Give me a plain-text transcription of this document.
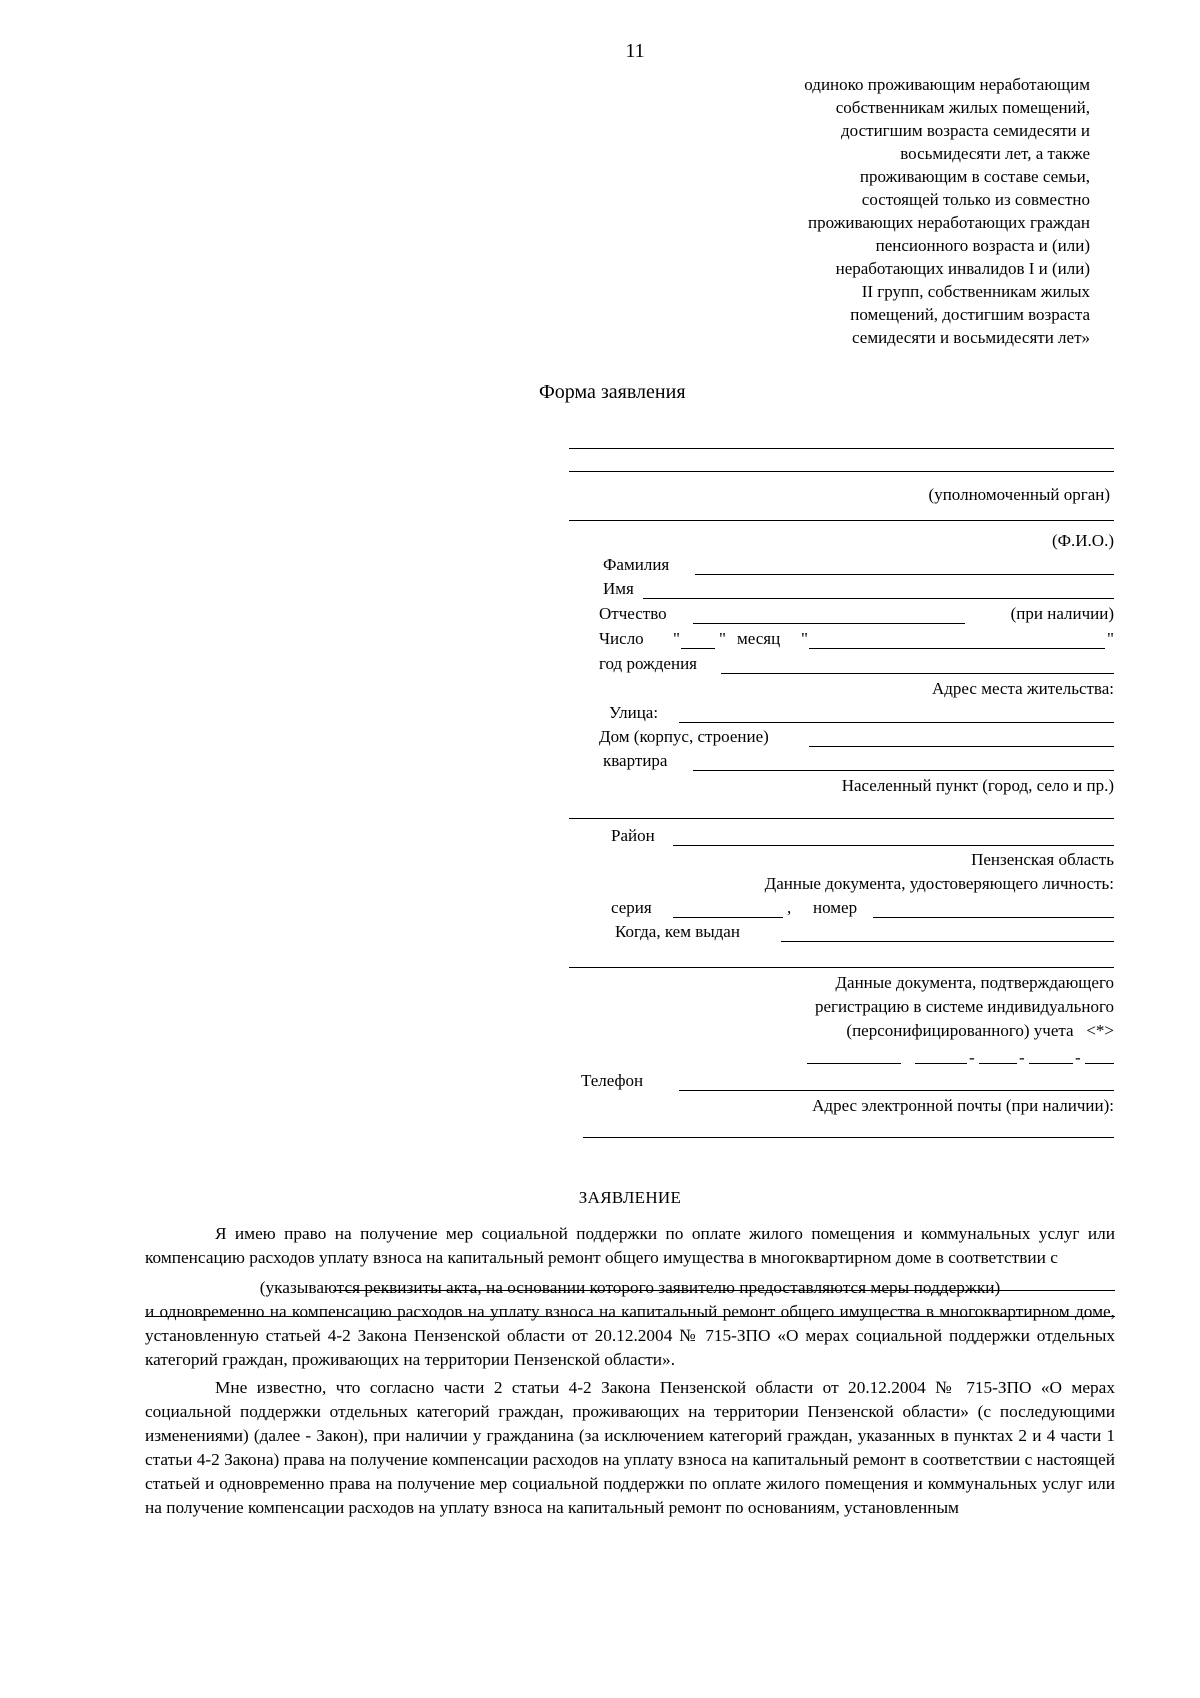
11
одиноко проживающим неработающим
собственникам жилых помещений,
достигшим возраста семидесяти и
восьмидесяти лет, а также
проживающим в составе семьи,
состоящей только из совместно
проживающих неработающих граждан
пенсионного возраста и (или)
неработающих инвалидов I и (или)
II групп, собственникам жилых
помещений, достигшим возраста
семидесяти и восьмидесяти лет»
Форма заявления
(уполномоченный орган)
(Ф.И.О.)
Фамилия
Имя
Отчество	(при наличии)
Число " " месяц "	"
год рождения
Адрес места жительства:
Улица:
Дом (корпус, строение)
квартира
Населенный пункт (город, село и пр.)
Район
Пензенская область
Данные документа, удостоверяющего личность:
серия	, номер
Когда, кем выдан
Данные документа, подтверждающего
регистрацию в системе индивидуального
(персонифицированного) учета <*>
-	-	-
Телефон
Адрес электронной почты (при наличии):
ЗАЯВЛЕНИЕ

Я имею право на получение мер социальной поддержки по оплате жилого помещения и коммунальных услуг или компенсацию расходов уплату взноса на капитальный ремонт общего имущества в многоквартирном доме в соответствии с

(указываются реквизиты акта, на основании которого заявителю предоставляются меры поддержки)

и одновременно на компенсацию расходов на уплату взноса на капитальный ремонт общего имущества в многоквартирном доме, установленную статьей 4-2 Закона Пензенской области от 20.12.2004 № 715-ЗПО «О мерах социальной поддержки отдельных категорий граждан, проживающих на территории Пензенской области».

Мне известно, что согласно части 2 статьи 4-2 Закона Пензенской области от 20.12.2004 № 715-ЗПО «О мерах социальной поддержки отдельных категорий граждан, проживающих на территории Пензенской области» (с последующими изменениями) (далее - Закон), при наличии у гражданина (за исключением категорий граждан, указанных в пунктах 2 и 4 части 1 статьи 4-2 Закона) права на получение компенсации расходов на уплату взноса на капитальный ремонт в соответствии с настоящей статьей и одновременно права на получение мер социальной поддержки по оплате жилого помещения и коммунальных услуг или на получение компенсации расходов на уплату взноса на капитальный ремонт по основаниям, установленным
